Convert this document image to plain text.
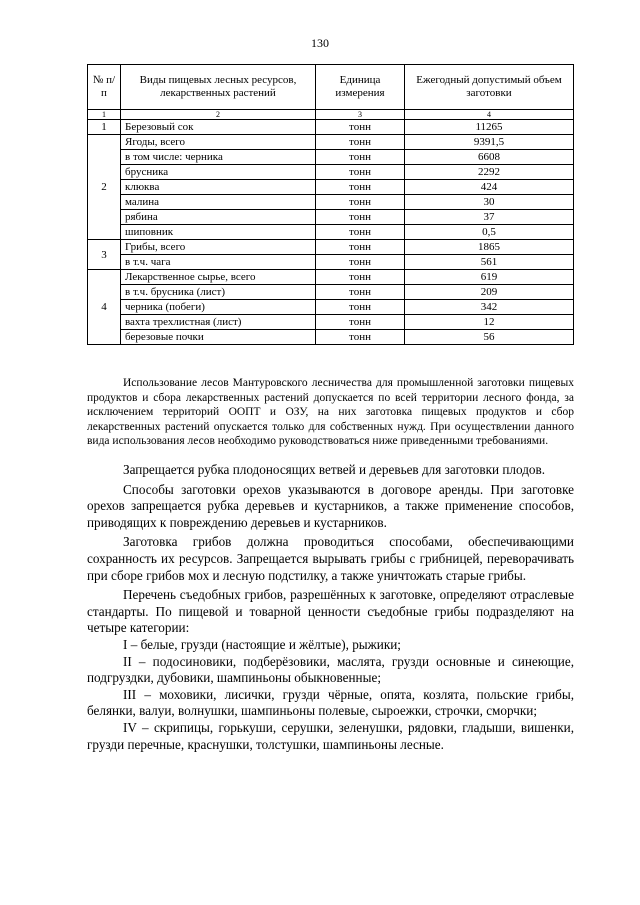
130
№ п/п	Виды пищевых лесных ресурсов, лекарственных растений	Единица измерения	Ежегодный допустимый объем заготовки
1	2	3	4
1	Березовый сок	тонн	11265
2	Ягоды, всего	тонн	9391,5
	в том числе: черника	тонн	6608
	брусника	тонн	2292
	клюква	тонн	424
	малина	тонн	30
	рябина	тонн	37
	шиповник	тонн	0,5
3	Грибы, всего	тонн	1865
	в т.ч. чага	тонн	561
4	Лекарственное сырье, всего	тонн	619
	в т.ч. брусника (лист)	тонн	209
	черника (побеги)	тонн	342
	вахта трехлистная (лист)	тонн	12
	березовые почки	тонн	56
Использование лесов Мантуровского лесничества для промышленной заготовки пищевых продуктов и сбора лекарственных растений допускается по всей территории лесного фонда, за исключением территорий ООПТ и ОЗУ, на них заготовка пищевых продуктов и сбор лекарственных растений опускается только для собственных нужд. При осуществлении данного вида использования лесов необходимо руководствоваться ниже приведенными требованиями.
Запрещается рубка плодоносящих ветвей и деревьев для заготовки плодов.
Способы заготовки орехов указываются в договоре аренды. При заготовке орехов запрещается рубка деревьев и кустарников, а также применение способов, приводящих к повреждению деревьев и кустарников.
Заготовка грибов должна проводиться способами, обеспечивающими сохранность их ресурсов. Запрещается вырывать грибы с грибницей, переворачивать при сборе грибов мох и лесную подстилку, а также уничтожать старые грибы.
Перечень съедобных грибов, разрешённых к заготовке, определяют отраслевые стандарты. По пищевой и товарной ценности съедобные грибы подразделяют на четыре категории:
I – белые, грузди (настоящие и жёлтые), рыжики;
II – подосиновики, подберёзовики, маслята, грузди основные и синеющие, подгруздки, дубовики, шампиньоны обыкновенные;
III – моховики, лисички, грузди чёрные, опята, козлята, польские грибы, белянки, валуи, волнушки, шампиньоны полевые, сыроежки, строчки, сморчки;
IV – скрипицы, горькуши, серушки, зеленушки, рядовки, гладыши, вишенки, грузди перечные, краснушки, толстушки, шампиньоны лесные.
